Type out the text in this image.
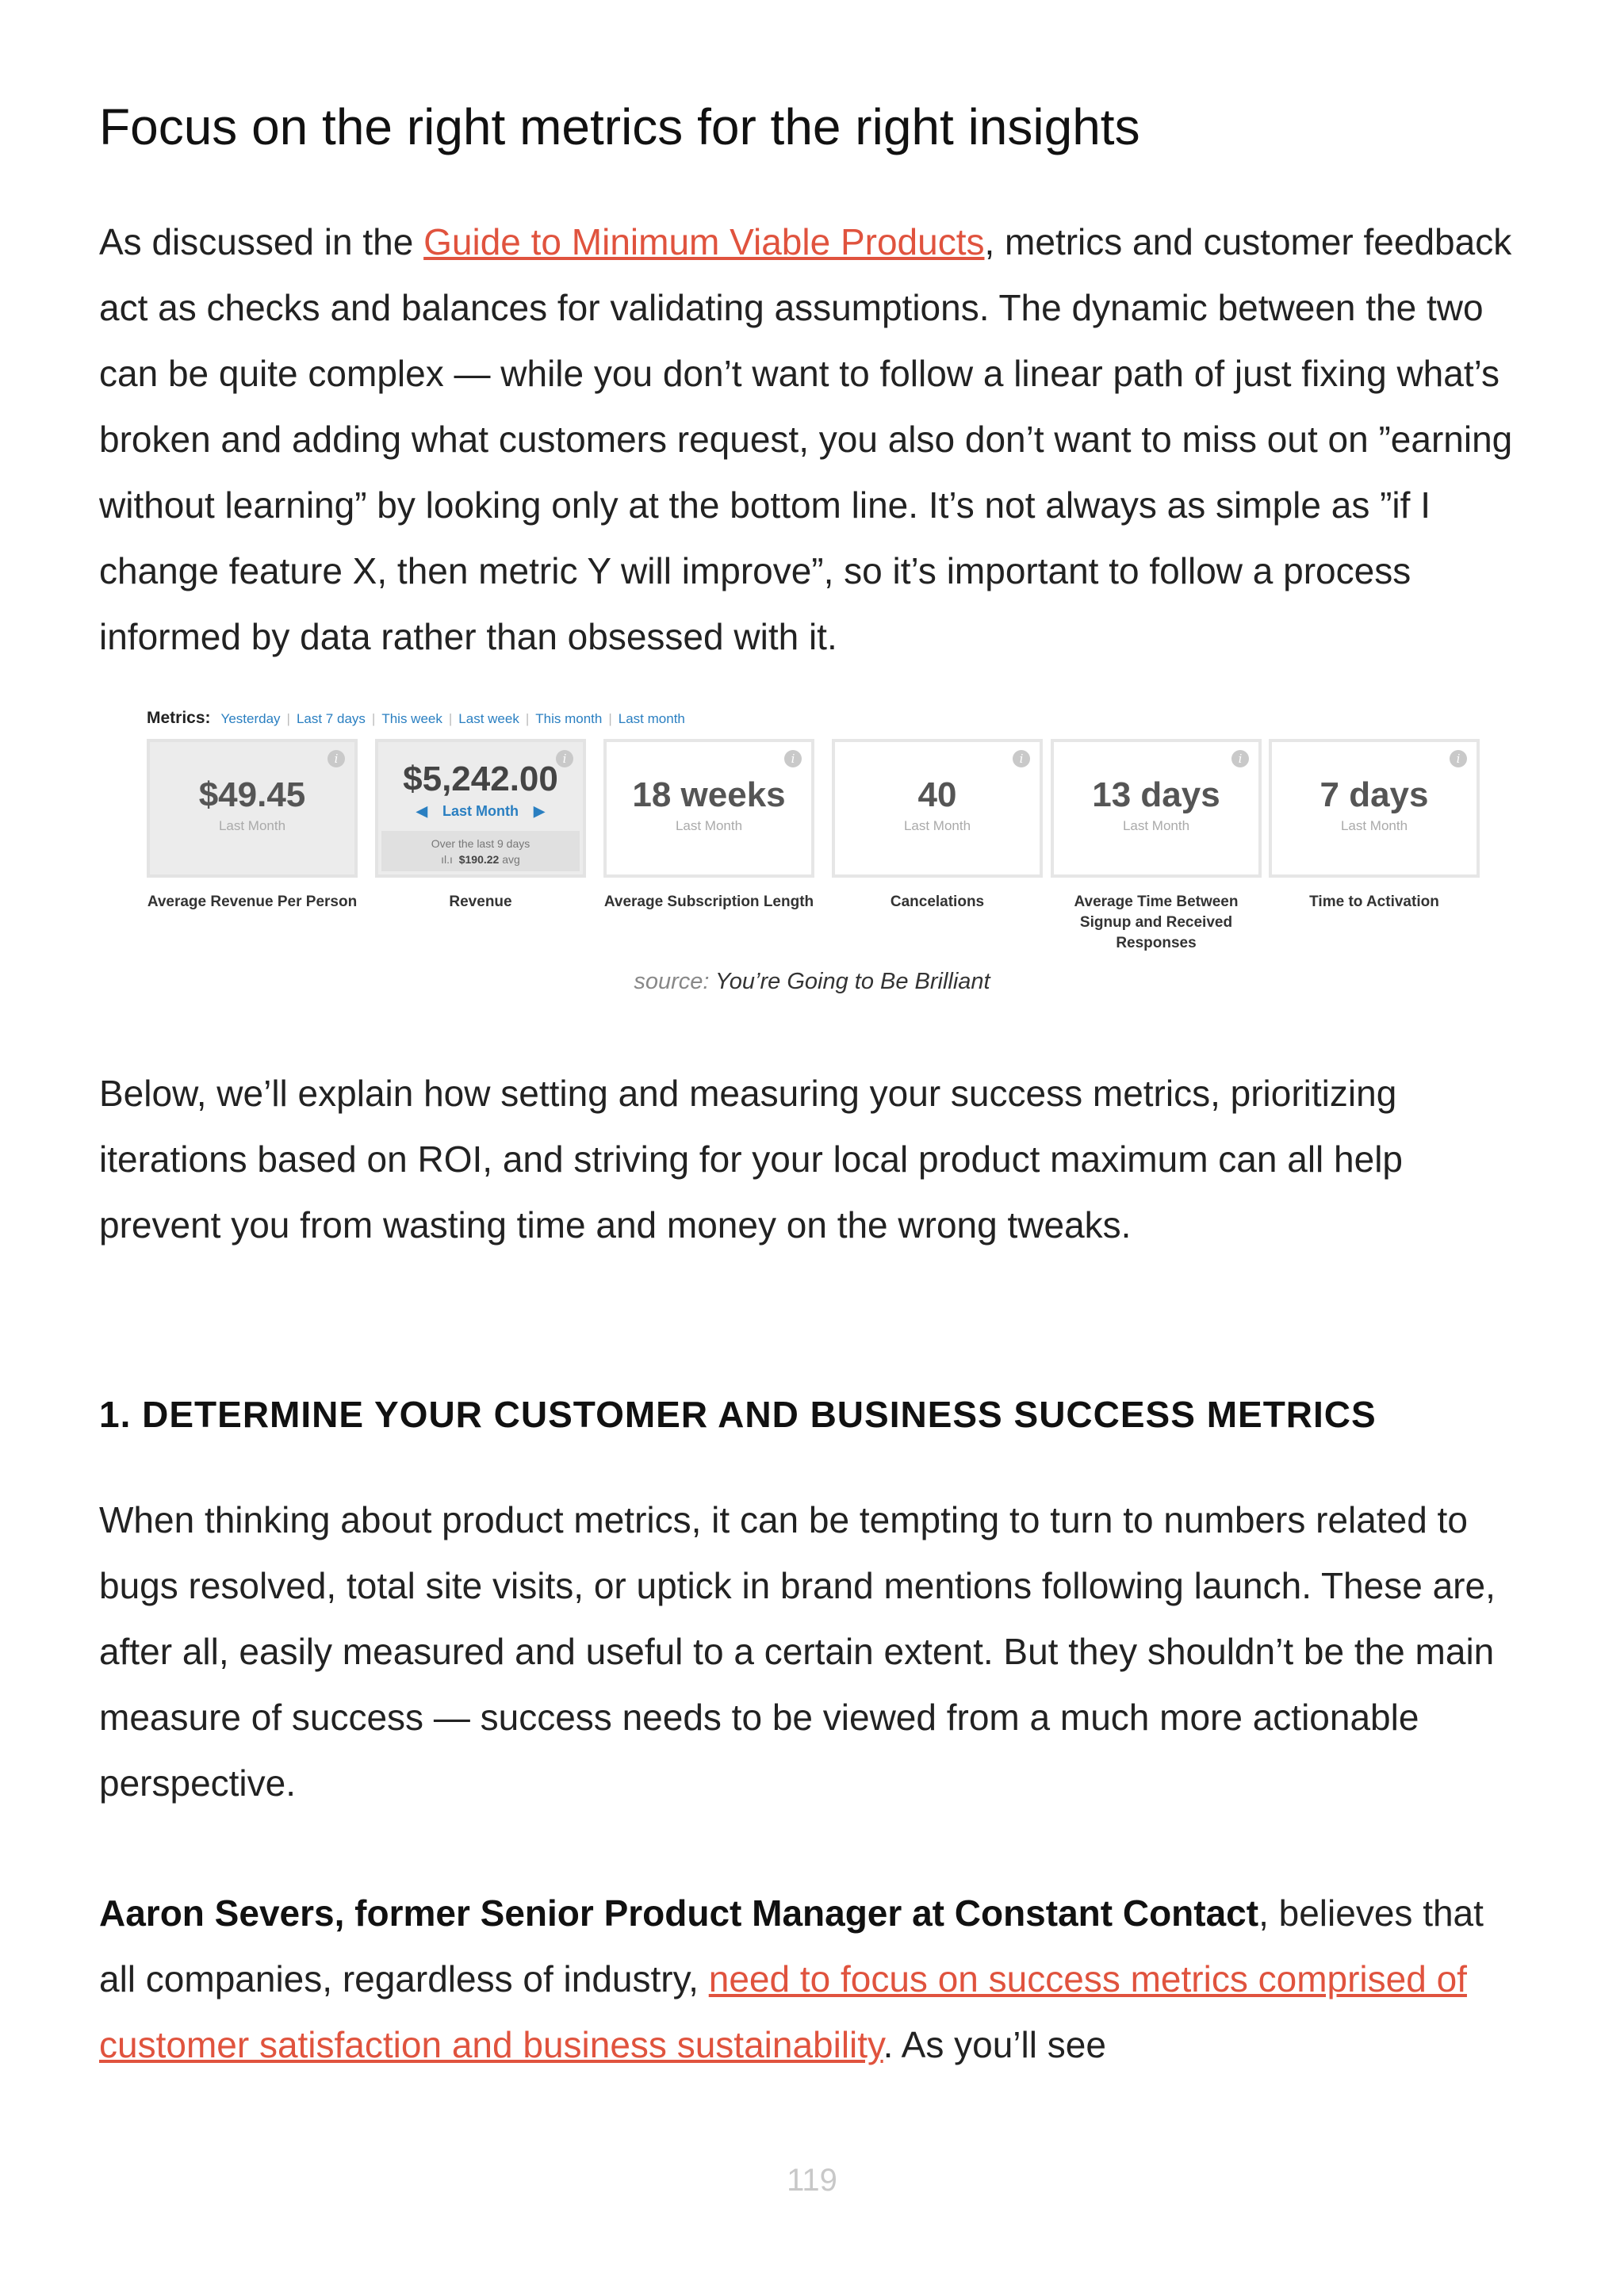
Focus on the right metrics for the right insights

As discussed in the Guide to Minimum Viable Products, metrics and customer feedback act as checks and balances for validating assumptions. The dynamic between the two can be quite complex — while you don’t want to follow a linear path of just fixing what’s broken and adding what customers request, you also don’t want to miss out on ”earning without learning” by looking only at the bottom line. It’s not always as simple as ”if I change feature X, then metric Y will improve”, so it’s important to follow a process informed by data rather than obsessed with it.

Metrics: Yesterday | Last 7 days | This week | Last week | This month | Last month
i
$49.45
Last Month
Average Revenue Per Person
i
$5,242.00
◀ Last Month ▶
Over the last 9 days
ıl.ı $190.22 avg
Revenue
i
18 weeks
Last Month
Average Subscription Length
i
40
Last Month
Cancelations
i
13 days
Last Month
Average Time Between Signup and Received Responses
i
7 days
Last Month
Time to Activation
source: You’re Going to Be Brilliant

Below, we’ll explain how setting and measuring your success metrics, prioritizing iterations based on ROI, and striving for your local product maximum can all help prevent you from wasting time and money on the wrong tweaks.

1. DETERMINE YOUR CUSTOMER AND BUSINESS SUCCESS METRICS

When thinking about product metrics, it can be tempting to turn to numbers related to bugs resolved, total site visits, or uptick in brand mentions following launch. These are, after all, easily measured and useful to a certain extent. But they shouldn’t be the main measure of success — success needs to be viewed from a much more actionable perspective.

Aaron Severs, former Senior Product Manager at Constant Contact, believes that all companies, regardless of industry, need to focus on success metrics comprised of customer satisfaction and business sustainability. As you’ll see

119
